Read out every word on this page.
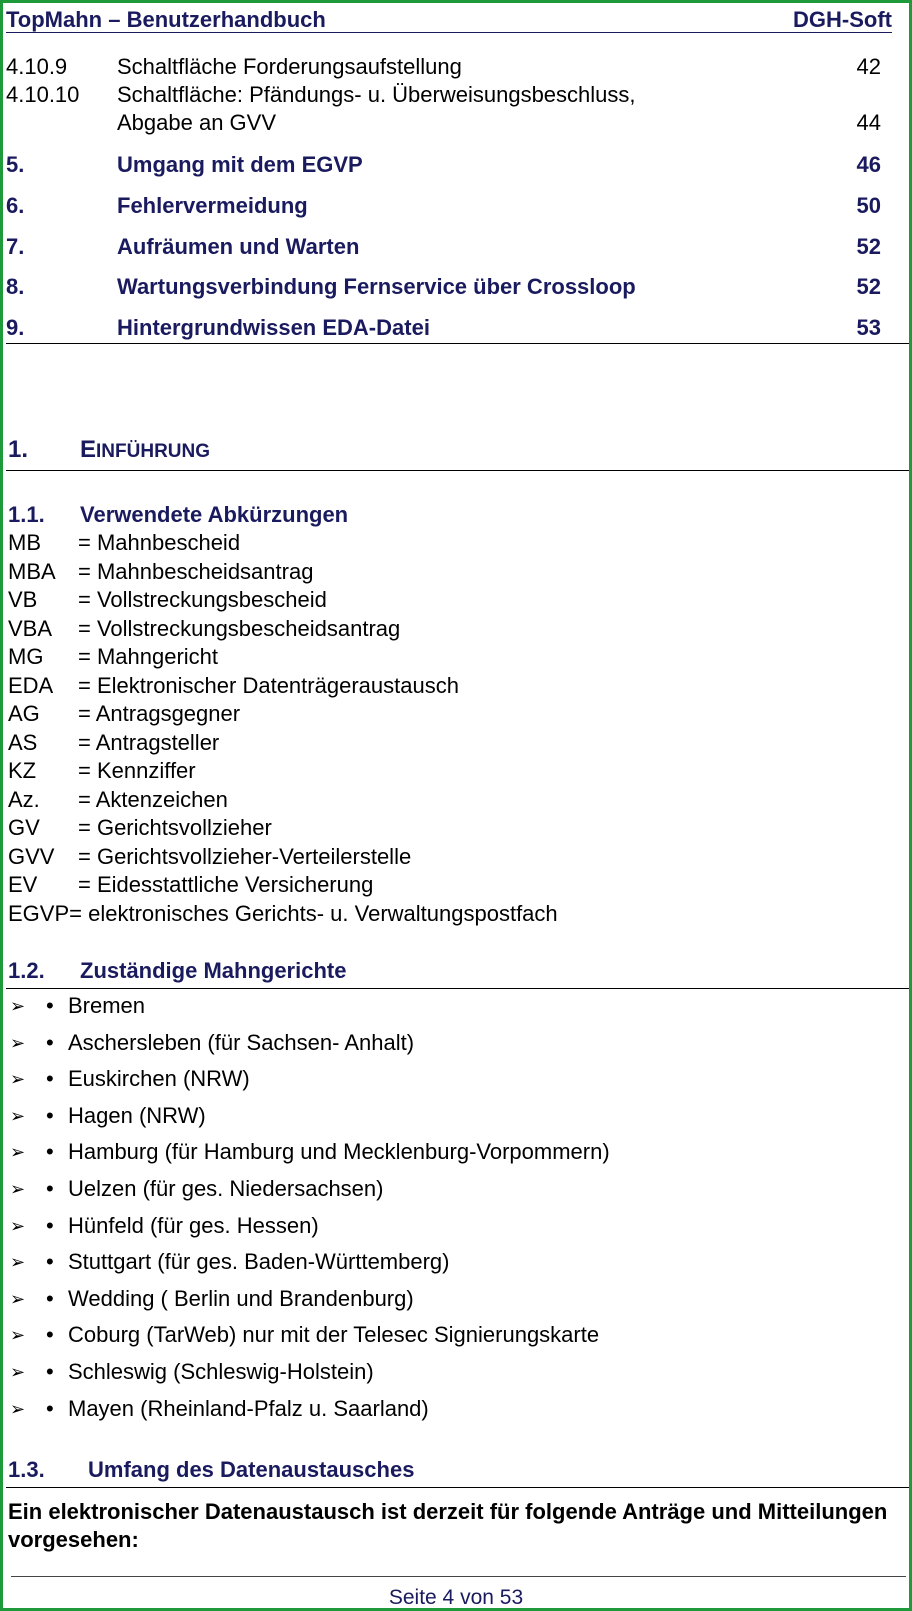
TopMahn – Benutzerhandbuch	DGH-Soft
4.10.9 Schaltfläche Forderungsaufstellung	42
4.10.10 Schaltfläche: Pfändungs- u. Überweisungsbeschluss,
Abgabe an GVV	44
5.	Umgang mit dem EGVP	46
6.	Fehlervermeidung	50
7.	Aufräumen und Warten	52
8.	Wartungsverbindung Fernservice über Crossloop	52
9.	Hintergrundwissen EDA-Datei	53
1. EINFÜHRUNG
1.1. Verwendete Abkürzungen
MB = Mahnbescheid
MBA = Mahnbescheidsantrag
VB = Vollstreckungsbescheid
VBA = Vollstreckungsbescheidsantrag
MG = Mahngericht
EDA = Elektronischer Datenträgeraustausch
AG = Antragsgegner
AS = Antragsteller
KZ = Kennziffer
Az. = Aktenzeichen
GV = Gerichtsvollzieher
GVV = Gerichtsvollzieher-Verteilerstelle
EV = Eidesstattliche Versicherung
EGVP= elektronisches Gerichts- u. Verwaltungspostfach
1.2. Zuständige Mahngerichte
➢ • Bremen
➢ • Aschersleben (für Sachsen- Anhalt)
➢ • Euskirchen (NRW)
➢ • Hagen (NRW)
➢ • Hamburg (für Hamburg und Mecklenburg-Vorpommern)
➢ • Uelzen (für ges. Niedersachsen)
➢ • Hünfeld (für ges. Hessen)
➢ • Stuttgart (für ges. Baden-Württemberg)
➢ • Wedding ( Berlin und Brandenburg)
➢ • Coburg (TarWeb) nur mit der Telesec Signierungskarte
➢ • Schleswig (Schleswig-Holstein)
➢ • Mayen (Rheinland-Pfalz u. Saarland)
1.3. Umfang des Datenaustausches
Ein elektronischer Datenaustausch ist derzeit für folgende Anträge und Mitteilungen vorgesehen:
Seite 4 von 53
